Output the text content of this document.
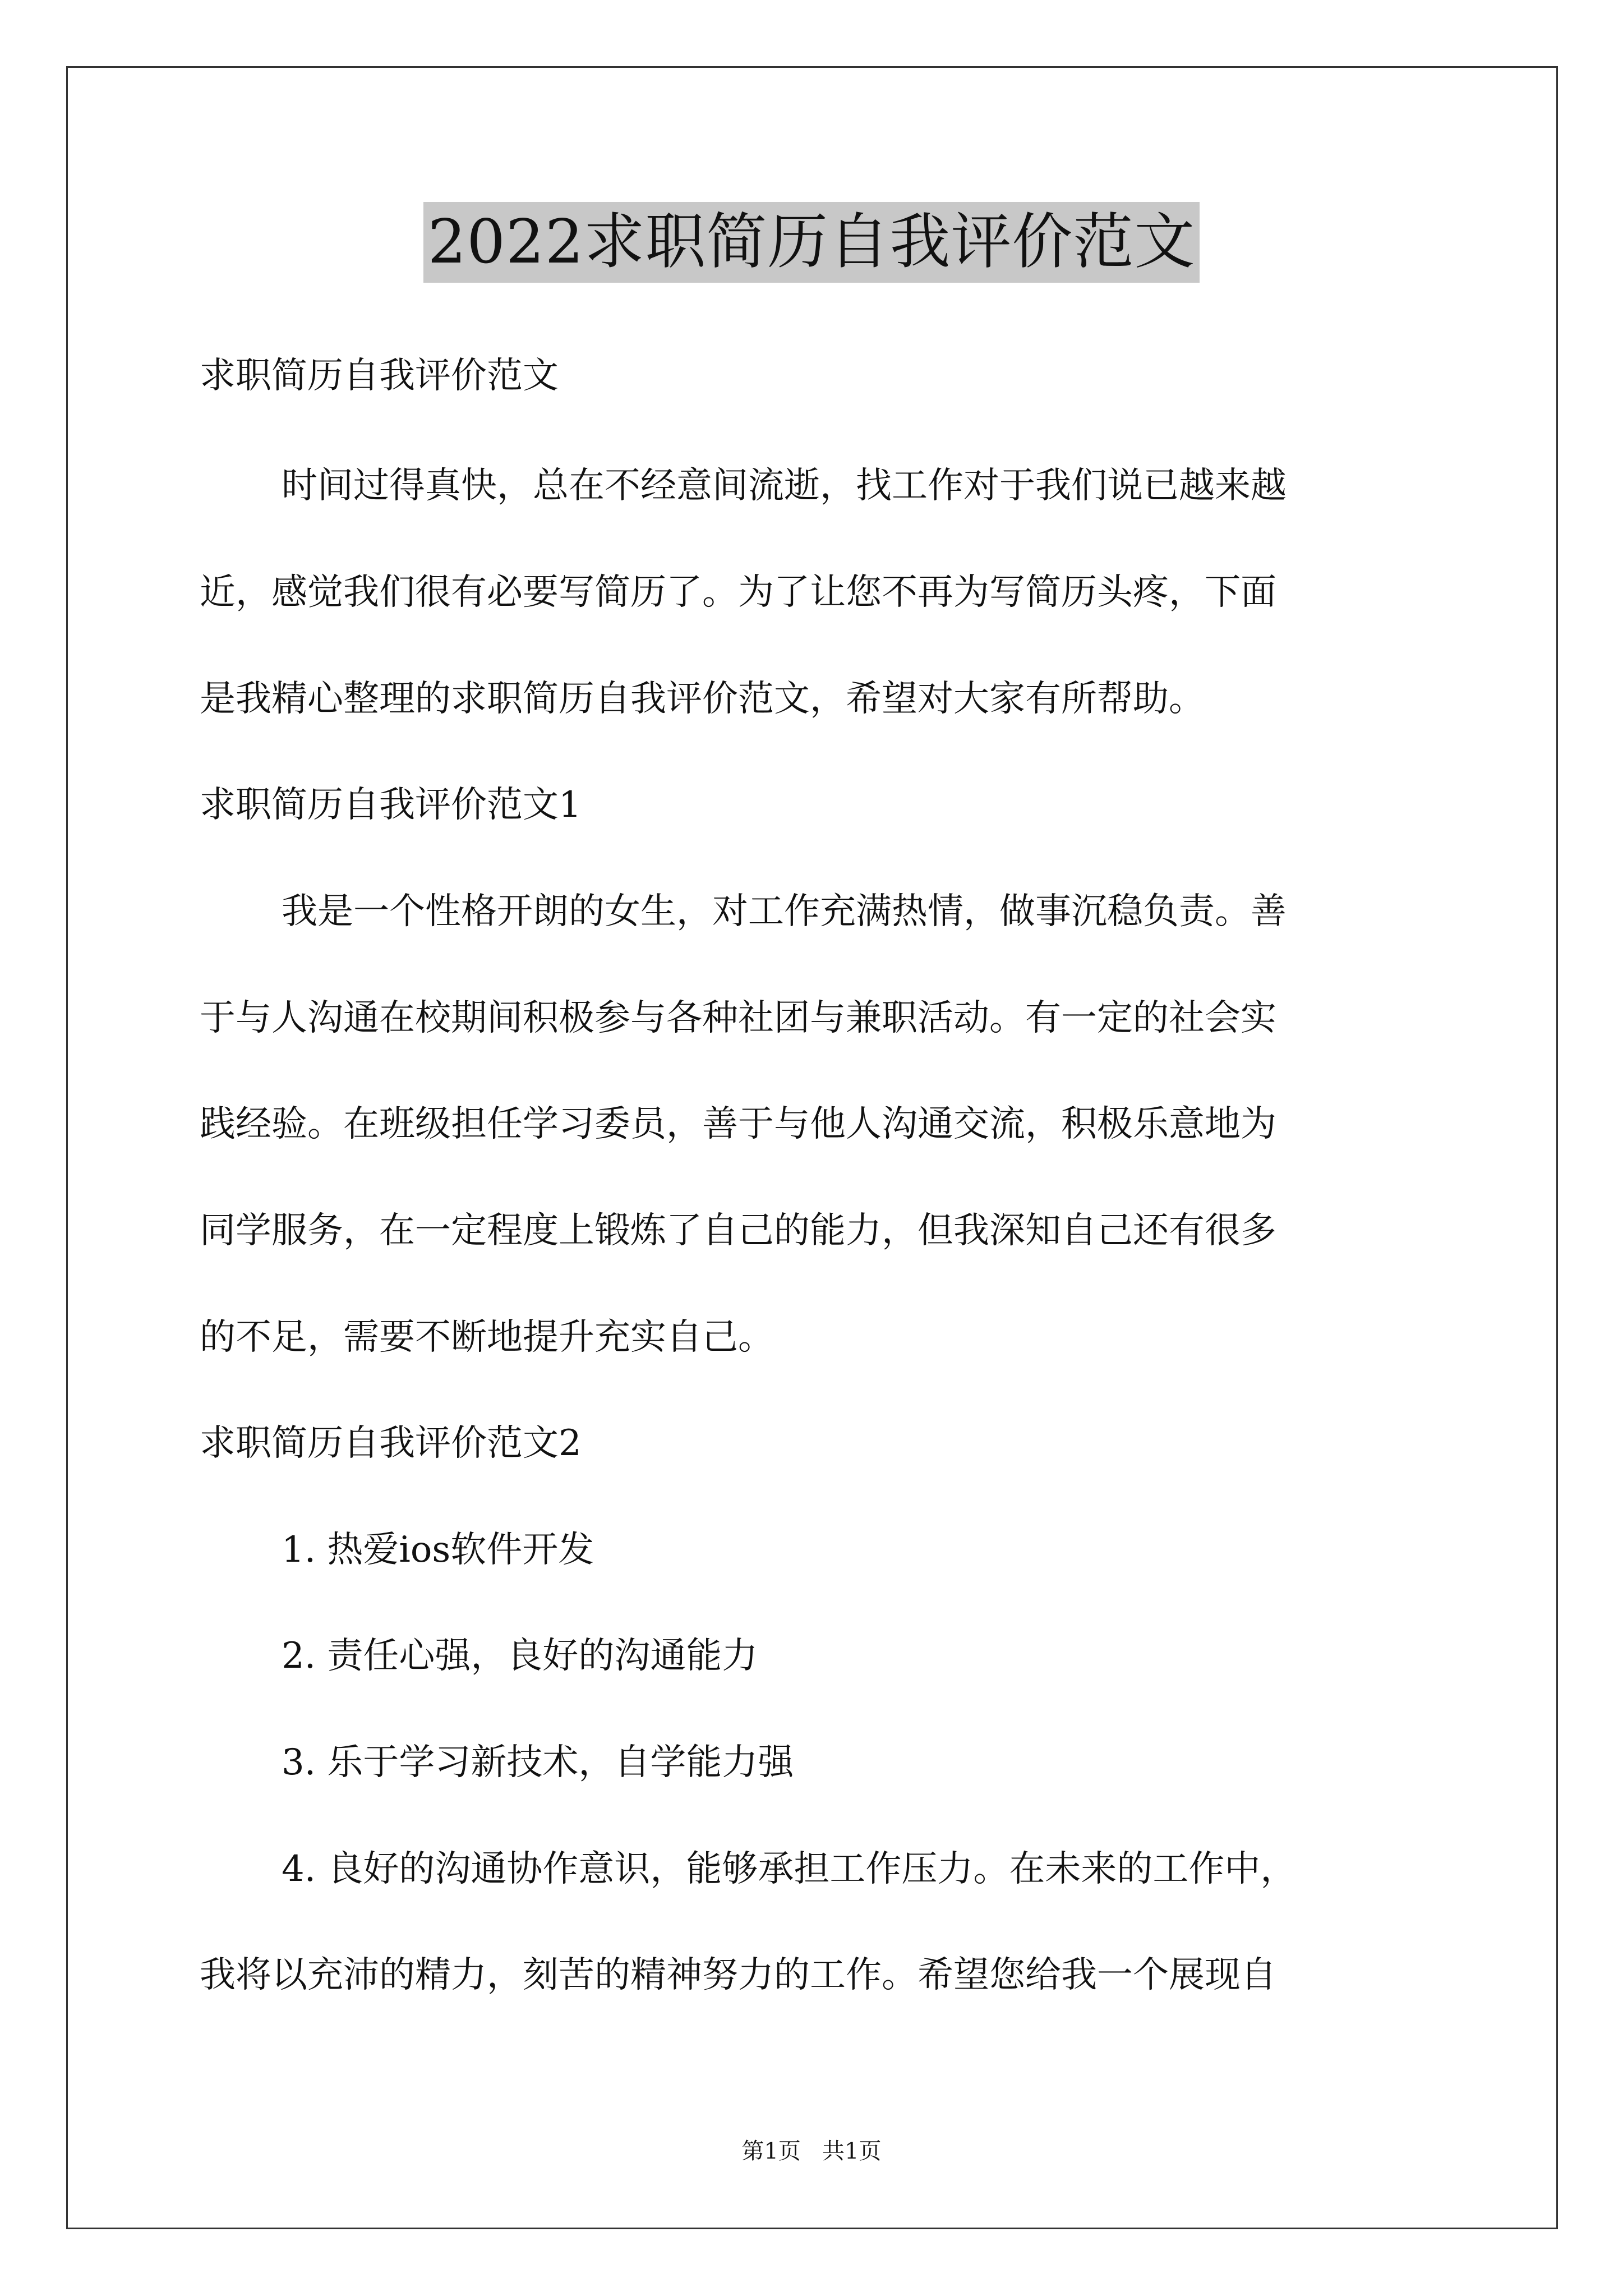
2022求职简历自我评价范文
求职简历自我评价范文
时间过得真快，总在不经意间流逝，找工作对于我们说已越来越
近，感觉我们很有必要写简历了。为了让您不再为写简历头疼，下面
是我精心整理的求职简历自我评价范文，希望对大家有所帮助。
求职简历自我评价范文1
我是一个性格开朗的女生，对工作充满热情，做事沉稳负责。善
于与人沟通在校期间积极参与各种社团与兼职活动。有一定的社会实
践经验。在班级担任学习委员，善于与他人沟通交流，积极乐意地为
同学服务，在一定程度上锻炼了自己的能力，但我深知自己还有很多
的不足，需要不断地提升充实自己。
求职简历自我评价范文2
1. 热爱ios软件开发
2. 责任心强，良好的沟通能力
3. 乐于学习新技术，自学能力强
4. 良好的沟通协作意识，能够承担工作压力。在未来的工作中，
我将以充沛的精力，刻苦的精神努力的工作。希望您给我一个展现自
第1页   共1页
